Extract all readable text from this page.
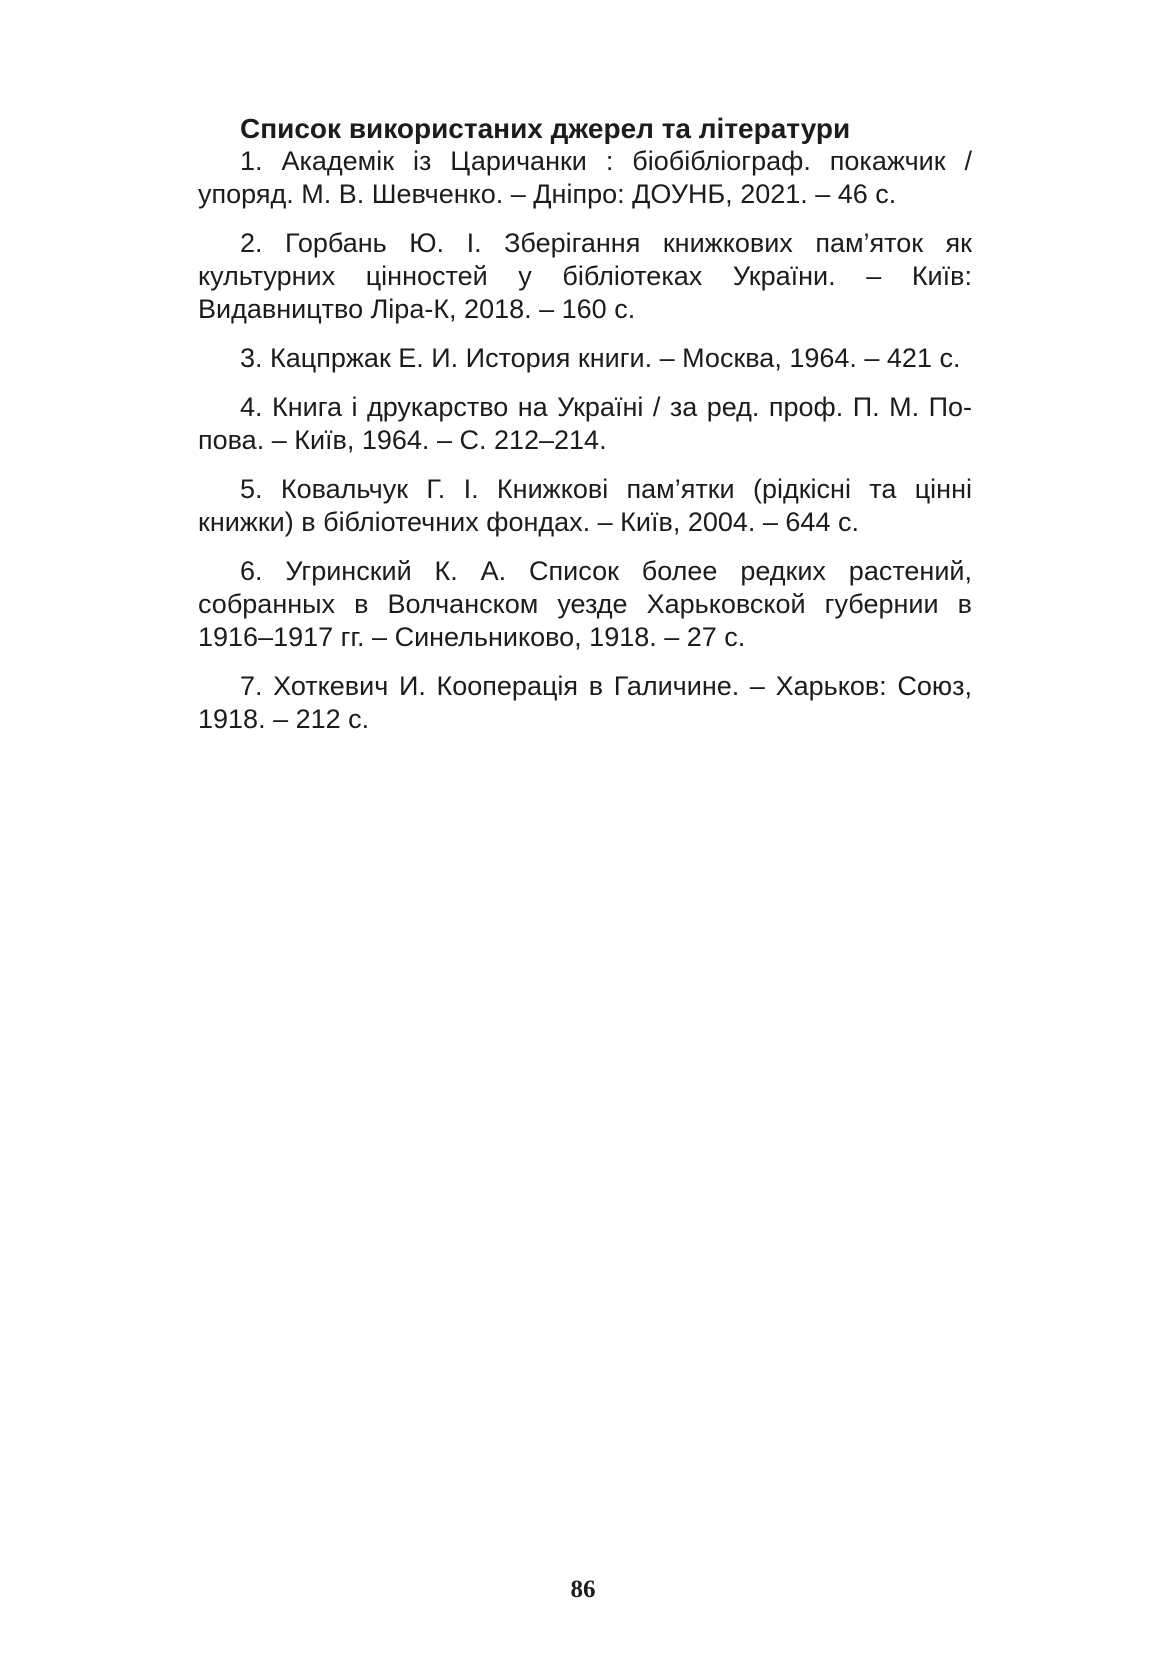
Список використаних джерел та літератури

1. Академік із Царичанки : біобібліограф. покажчик / упоряд. М. В. Шевченко. – Дніпро: ДОУНБ, 2021. – 46 с.

2. Горбань Ю. І. Зберігання книжкових пам’яток як культурних цінностей у бібліотеках України. – Київ: Видавництво Ліра-К, 2018. – 160 с.

3. Кацпржак Е. И. История книги. – Москва, 1964. – 421 с.

4. Книга і друкарство на Україні / за ред. проф. П. М. Попова. – Київ, 1964. – С. 212–214.

5. Ковальчук Г. І. Книжкові пам’ятки (рідкісні та цінні книжки) в бібліотечних фондах. – Київ, 2004. – 644 с.

6. Угринский К. А. Список более редких растений, собранных в Волчанском уезде Харьковской губернии в 1916–1917 гг. – Синельниково, 1918. – 27 с.

7. Хоткевич И. Кооперація в Галичине. – Харьков: Союз, 1918. – 212 с.

86
